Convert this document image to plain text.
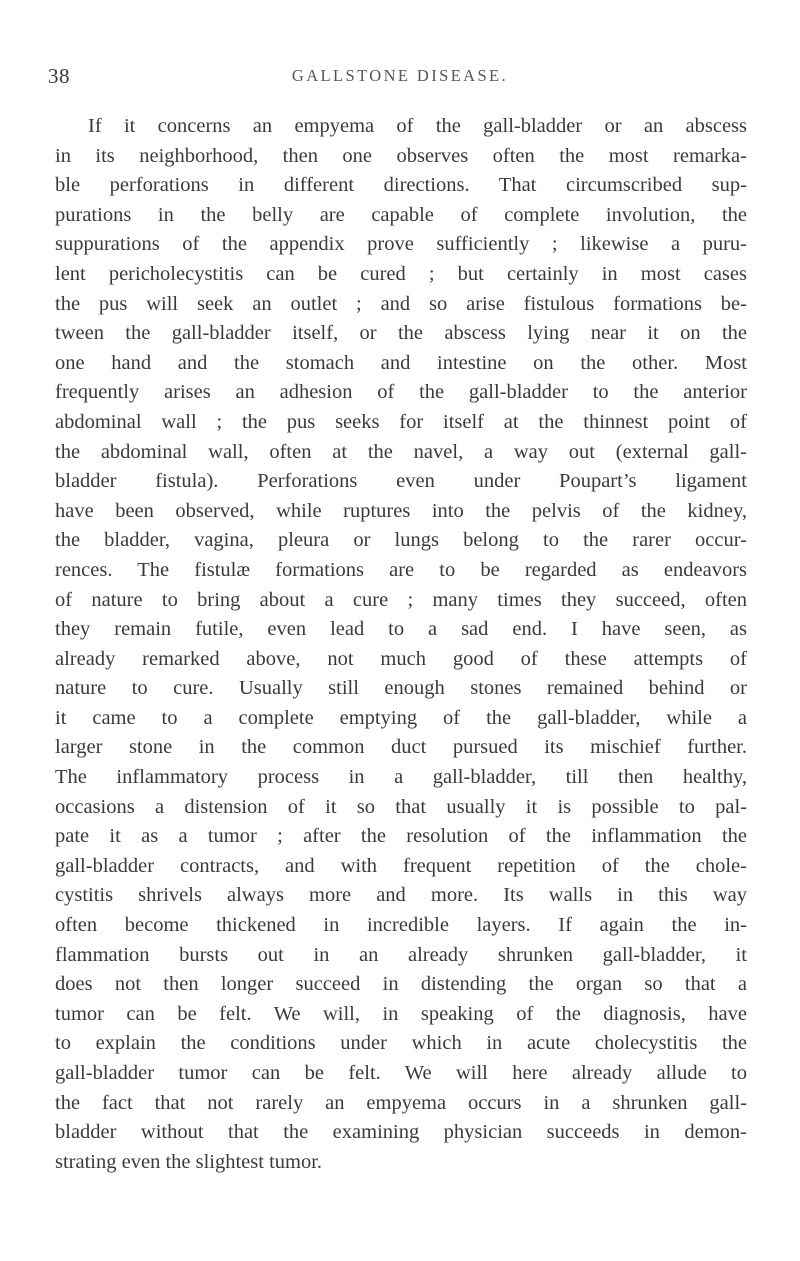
38	GALLSTONE DISEASE.
If it concerns an empyema of the gall-bladder or an abscess
in its neighborhood, then one observes often the most remarka-
ble perforations in different directions. That circumscribed sup-
purations in the belly are capable of complete involution, the
suppurations of the appendix prove sufficiently ; likewise a puru-
lent pericholecystitis can be cured ; but certainly in most cases
the pus will seek an outlet ; and so arise fistulous formations be-
tween the gall-bladder itself, or the abscess lying near it on the
one hand and the stomach and intestine on the other. Most
frequently arises an adhesion of the gall-bladder to the anterior
abdominal wall ; the pus seeks for itself at the thinnest point of
the abdominal wall, often at the navel, a way out (external gall-
bladder fistula). Perforations even under Poupart’s ligament
have been observed, while ruptures into the pelvis of the kidney,
the bladder, vagina, pleura or lungs belong to the rarer occur-
rences. The fistulæ formations are to be regarded as endeavors
of nature to bring about a cure ; many times they succeed, often
they remain futile, even lead to a sad end. I have seen, as
already remarked above, not much good of these attempts of
nature to cure. Usually still enough stones remained behind or
it came to a complete emptying of the gall-bladder, while a
larger stone in the common duct pursued its mischief further.
The inflammatory process in a gall-bladder, till then healthy,
occasions a distension of it so that usually it is possible to pal-
pate it as a tumor ; after the resolution of the inflammation the
gall-bladder contracts, and with frequent repetition of the chole-
cystitis shrivels always more and more. Its walls in this way
often become thickened in incredible layers. If again the in-
flammation bursts out in an already shrunken gall-bladder, it
does not then longer succeed in distending the organ so that a
tumor can be felt. We will, in speaking of the diagnosis, have
to explain the conditions under which in acute cholecystitis the
gall-bladder tumor can be felt. We will here already allude to
the fact that not rarely an empyema occurs in a shrunken gall-
bladder without that the examining physician succeeds in demon-
strating even the slightest tumor.
